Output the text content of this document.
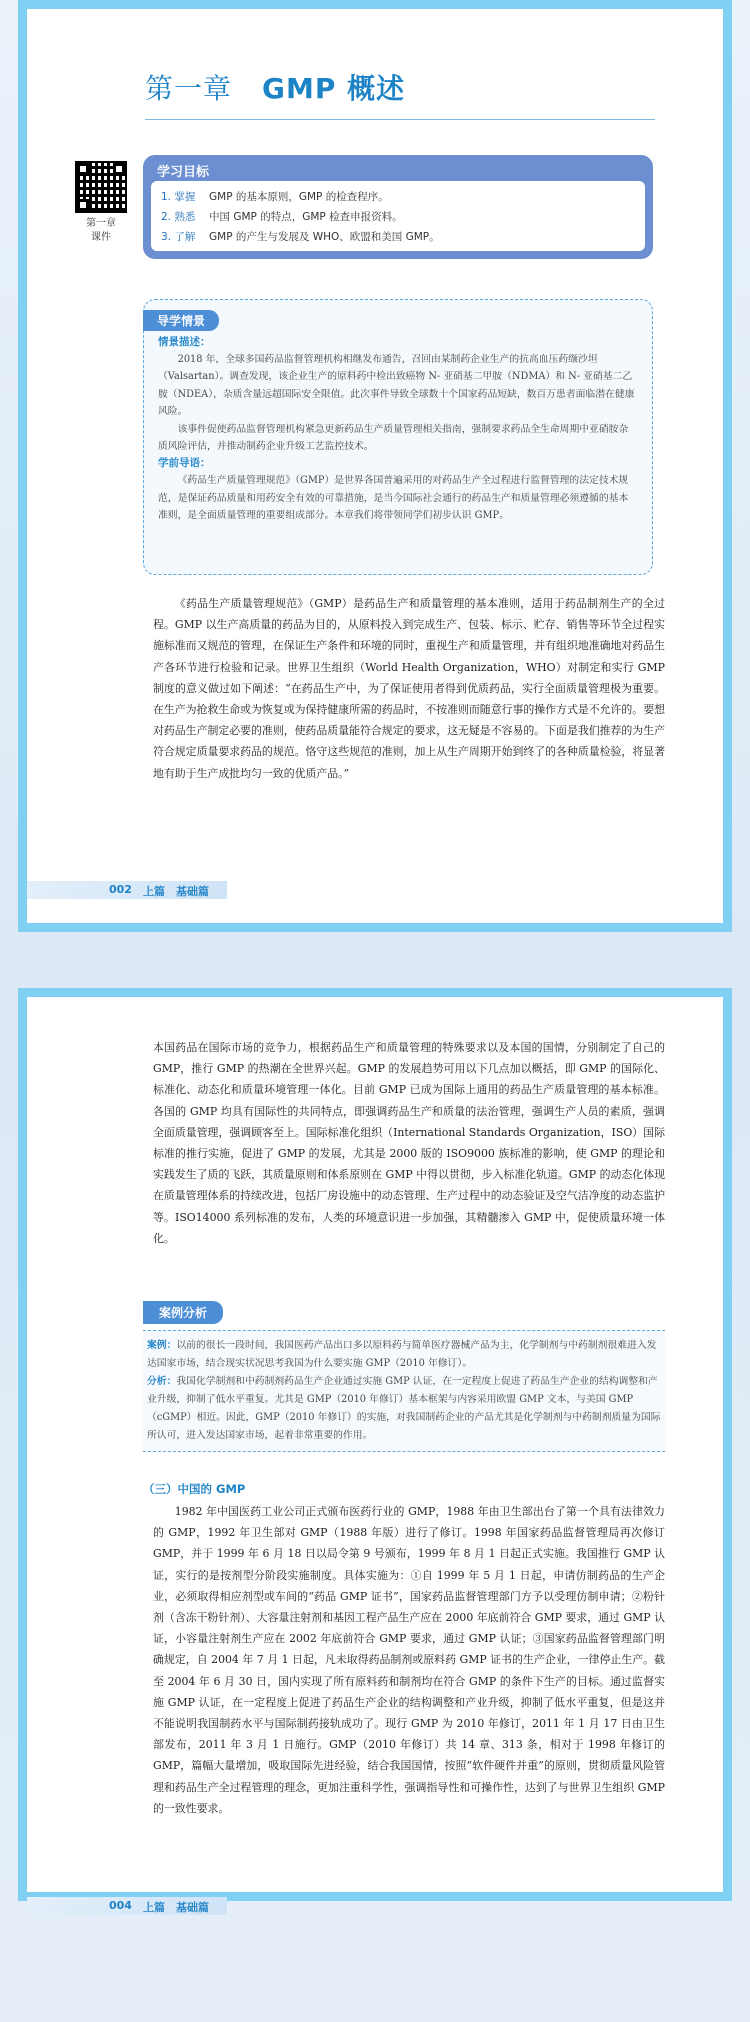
第一章 GMP 概述
第一章
课件
学习目标
1. 掌握 GMP 的基本原则，GMP 的检查程序。
2. 熟悉 中国 GMP 的特点，GMP 检查申报资料。
3. 了解 GMP 的产生与发展及 WHO、欧盟和美国 GMP。
导学情景
情景描述：

2018 年，全球多国药品监督管理机构相继发布通告，召回由某制药企业生产的抗高血压药缬沙坦（Valsartan）。调查发现，该企业生产的原料药中检出致癌物 N- 亚硝基二甲胺（NDMA）和 N- 亚硝基二乙胺（NDEA），杂质含量远超国际安全限值。此次事件导致全球数十个国家药品短缺，数百万患者面临潜在健康风险。

该事件促使药品监督管理机构紧急更新药品生产质量管理相关指南，强制要求药品全生命周期中亚硝胺杂质风险评估，并推动制药企业升级工艺监控技术。

学前导语：

《药品生产质量管理规范》（GMP）是世界各国普遍采用的对药品生产全过程进行监督管理的法定技术规范，是保证药品质量和用药安全有效的可靠措施，是当今国际社会通行的药品生产和质量管理必须遵循的基本准则，是全面质量管理的重要组成部分。本章我们将带领同学们初步认识 GMP。

《药品生产质量管理规范》（GMP）是药品生产和质量管理的基本准则，适用于药品制剂生产的全过程。GMP 以生产高质量的药品为目的，从原料投入到完成生产、包装、标示、贮存、销售等环节全过程实施标准而又规范的管理，在保证生产条件和环境的同时，重视生产和质量管理，并有组织地准确地对药品生产各环节进行检验和记录。世界卫生组织（World Health Organization，WHO）对制定和实行 GMP 制度的意义做过如下阐述：“在药品生产中，为了保证使用者得到优质药品，实行全面质量管理极为重要。在生产为抢救生命或为恢复或为保持健康所需的药品时，不按准则而随意行事的操作方式是不允许的。要想对药品生产制定必要的准则，使药品质量能符合规定的要求，这无疑是不容易的。下面是我们推荐的为生产符合规定质量要求药品的规范。恪守这些规范的准则，加上从生产周期开始到终了的各种质量检验，将显著地有助于生产成批均匀一致的优质产品。”

002 上篇　基础篇

本国药品在国际市场的竞争力，根据药品生产和质量管理的特殊要求以及本国的国情，分别制定了自己的 GMP，推行 GMP 的热潮在全世界兴起。GMP 的发展趋势可用以下几点加以概括，即 GMP 的国际化、标准化、动态化和质量环境管理一体化。目前 GMP 已成为国际上通用的药品生产质量管理的基本标准。各国的 GMP 均具有国际性的共同特点，即强调药品生产和质量的法治管理，强调生产人员的素质，强调全面质量管理，强调顾客至上。国际标准化组织（International Standards Organization，ISO）国际标准的推行实施，促进了 GMP 的发展，尤其是 2000 版的 ISO9000 族标准的影响，使 GMP 的理论和实践发生了质的飞跃，其质量原则和体系原则在 GMP 中得以贯彻，步入标准化轨道。GMP 的动态化体现在质量管理体系的持续改进，包括厂房设施中的动态管理、生产过程中的动态验证及空气洁净度的动态监护等。ISO14000 系列标准的发布，人类的环境意识进一步加强，其精髓渗入 GMP 中，促使质量环境一体化。

案例分析
案例：以前的很长一段时间，我国医药产品出口多以原料药与简单医疗器械产品为主，化学制剂与中药制剂很难进入发达国家市场，结合现实状况思考我国为什么要实施 GMP（2010 年修订）。
分析：我国化学制剂和中药制剂药品生产企业通过实施 GMP 认证，在一定程度上促进了药品生产企业的结构调整和产业升级，抑制了低水平重复。尤其是 GMP（2010 年修订）基本框架与内容采用欧盟 GMP 文本，与美国 GMP（cGMP）相近。因此，GMP（2010 年修订）的实施，对我国制药企业的产品尤其是化学制剂与中药制剂质量为国际所认可，进入发达国家市场，起着非常重要的作用。
（三）中国的 GMP

1982 年中国医药工业公司正式颁布医药行业的 GMP，1988 年由卫生部出台了第一个具有法律效力的 GMP，1992 年卫生部对 GMP（1988 年版）进行了修订。1998 年国家药品监督管理局再次修订 GMP，并于 1999 年 6 月 18 日以局令第 9 号颁布，1999 年 8 月 1 日起正式实施。我国推行 GMP 认证，实行的是按剂型分阶段实施制度。具体实施为：①自 1999 年 5 月 1 日起，申请仿制药品的生产企业，必须取得相应剂型或车间的“药品 GMP 证书”，国家药品监督管理部门方予以受理仿制申请；②粉针剂（含冻干粉针剂）、大容量注射剂和基因工程产品生产应在 2000 年底前符合 GMP 要求，通过 GMP 认证，小容量注射剂生产应在 2002 年底前符合 GMP 要求，通过 GMP 认证；③国家药品监督管理部门明确规定，自 2004 年 7 月 1 日起，凡未取得药品制剂或原料药 GMP 证书的生产企业，一律停止生产。截至 2004 年 6 月 30 日，国内实现了所有原料药和制剂均在符合 GMP 的条件下生产的目标。通过监督实施 GMP 认证，在一定程度上促进了药品生产企业的结构调整和产业升级，抑制了低水平重复，但是这并不能说明我国制药水平与国际制药接轨成功了。现行 GMP 为 2010 年修订，2011 年 1 月 17 日由卫生部发布，2011 年 3 月 1 日施行。GMP（2010 年修订）共 14 章、313 条，相对于 1998 年修订的 GMP，篇幅大量增加，吸取国际先进经验，结合我国国情，按照“软件硬件并重”的原则，贯彻质量风险管理和药品生产全过程管理的理念，更加注重科学性，强调指导性和可操作性，达到了与世界卫生组织 GMP 的一致性要求。

004 上篇　基础篇
